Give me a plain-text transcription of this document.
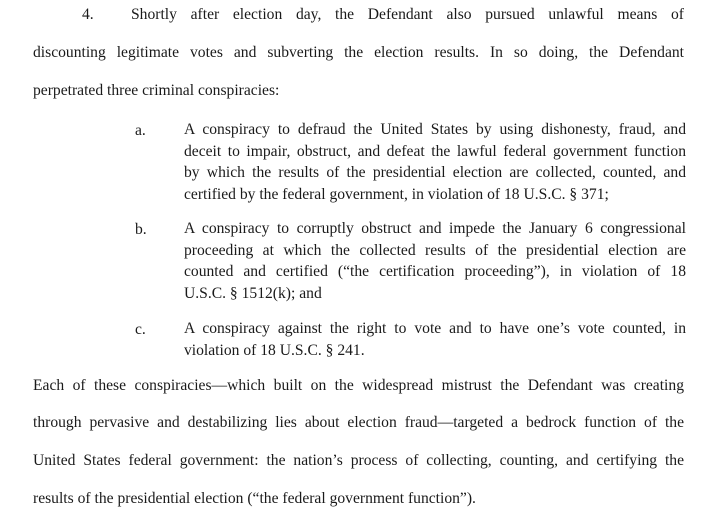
4. Shortly after election day, the Defendant also pursued unlawful means of
discounting legitimate votes and subverting the election results. In so doing, the Defendant
perpetrated three criminal conspiracies:
a. A conspiracy to defraud the United States by using dishonesty, fraud, and
deceit to impair, obstruct, and defeat the lawful federal government function
by which the results of the presidential election are collected, counted, and
certified by the federal government, in violation of 18 U.S.C. § 371;
b. A conspiracy to corruptly obstruct and impede the January 6 congressional
proceeding at which the collected results of the presidential election are
counted and certified (“the certification proceeding”), in violation of 18
U.S.C. § 1512(k); and
c. A conspiracy against the right to vote and to have one’s vote counted, in
violation of 18 U.S.C. § 241.
Each of these conspiracies—which built on the widespread mistrust the Defendant was creating
through pervasive and destabilizing lies about election fraud—targeted a bedrock function of the
United States federal government: the nation’s process of collecting, counting, and certifying the
results of the presidential election (“the federal government function”).
